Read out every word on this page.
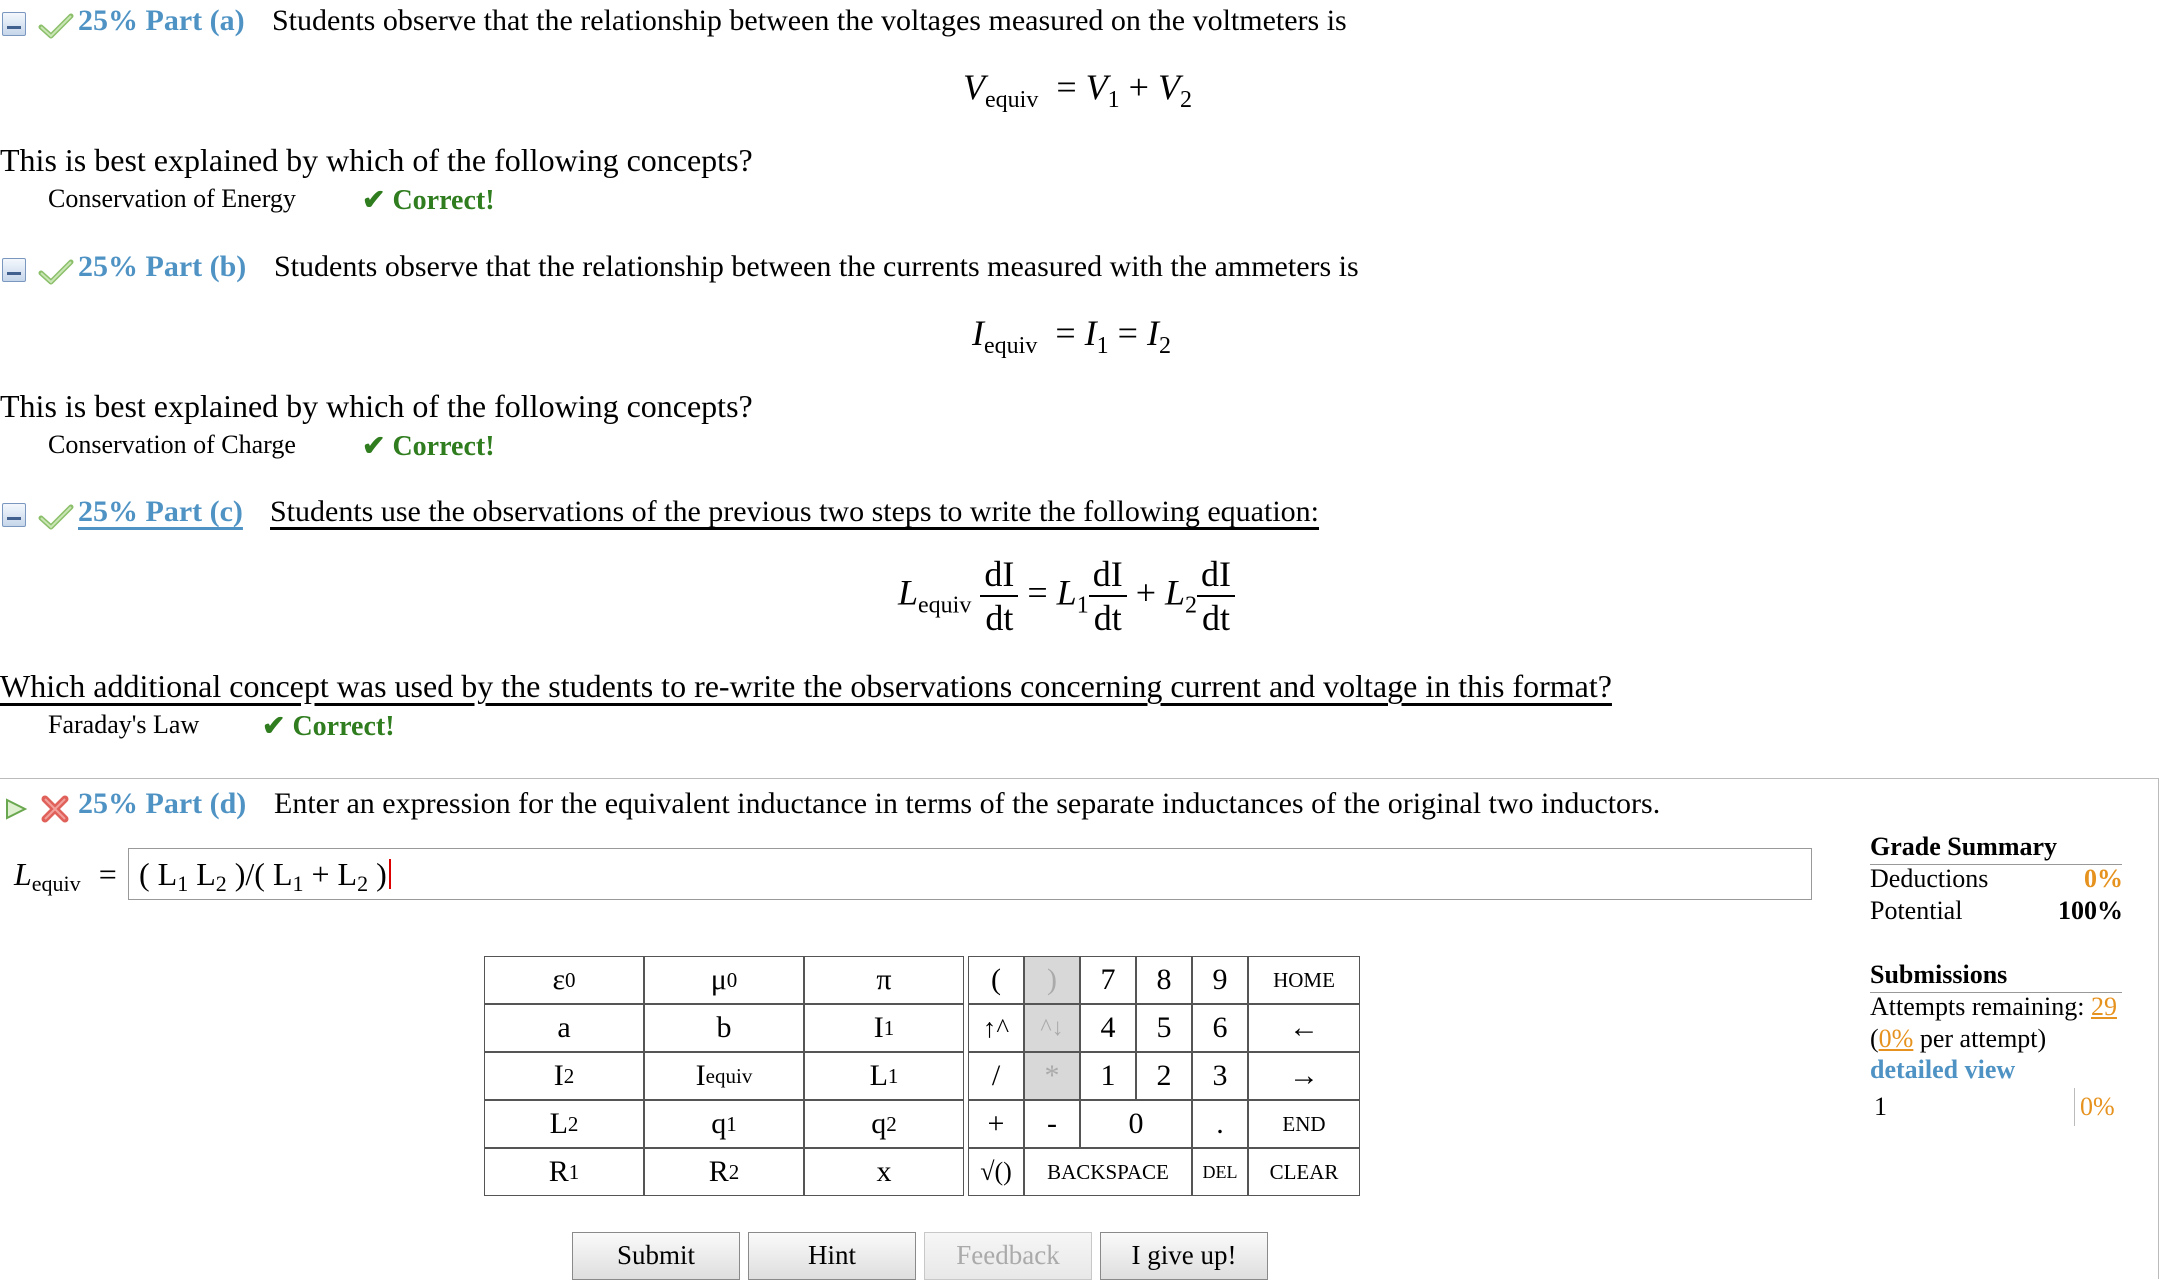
25% Part (a) Students observe that the relationship between the voltages measured on the voltmeters is
$V_{equiv} = V_1 + V_2$
This is best explained by which of the following concepts?
Conservation of Energy ✔ Correct!
25% Part (b) Students observe that the relationship between the currents measured with the ammeters is
$I_{equiv} = I_1 = I_2$
This is best explained by which of the following concepts?
Conservation of Charge ✔ Correct!
25% Part (c) Students use the observations of the previous two steps to write the following equation:
$L_{equiv} \frac{dI}{dt} = L_1 \frac{dI}{dt} + L_2 \frac{dI}{dt}$
Which additional concept was used by the students to re-write the observations concerning current and voltage in this format?
Faraday's Law ✔ Correct!
25% Part (d) Enter an expression for the equivalent inductance in terms of the separate inductances of the original two inductors.
$L_{equiv}$ = ( $L_1$ $L_2$ )/( $L_1 + L_2$ )
ε 0	μ 0	π
a	b	I 1
I 2	I equiv	L 1
L 2	q 1	q 2
R 1	R 2	x
(	)	7	8	9	HOME
↑^	^↓	4	5	6	←
/	*	1	2	3	→
+	-	0	.	END
√()	BACKSPACE	DEL	CLEAR
Submit	Hint	Feedback	I give up!
Grade Summary
Deductions	0%
Potential	100%
Submissions
Attempts remaining: 29
(0% per attempt)
detailed view
1	0%
